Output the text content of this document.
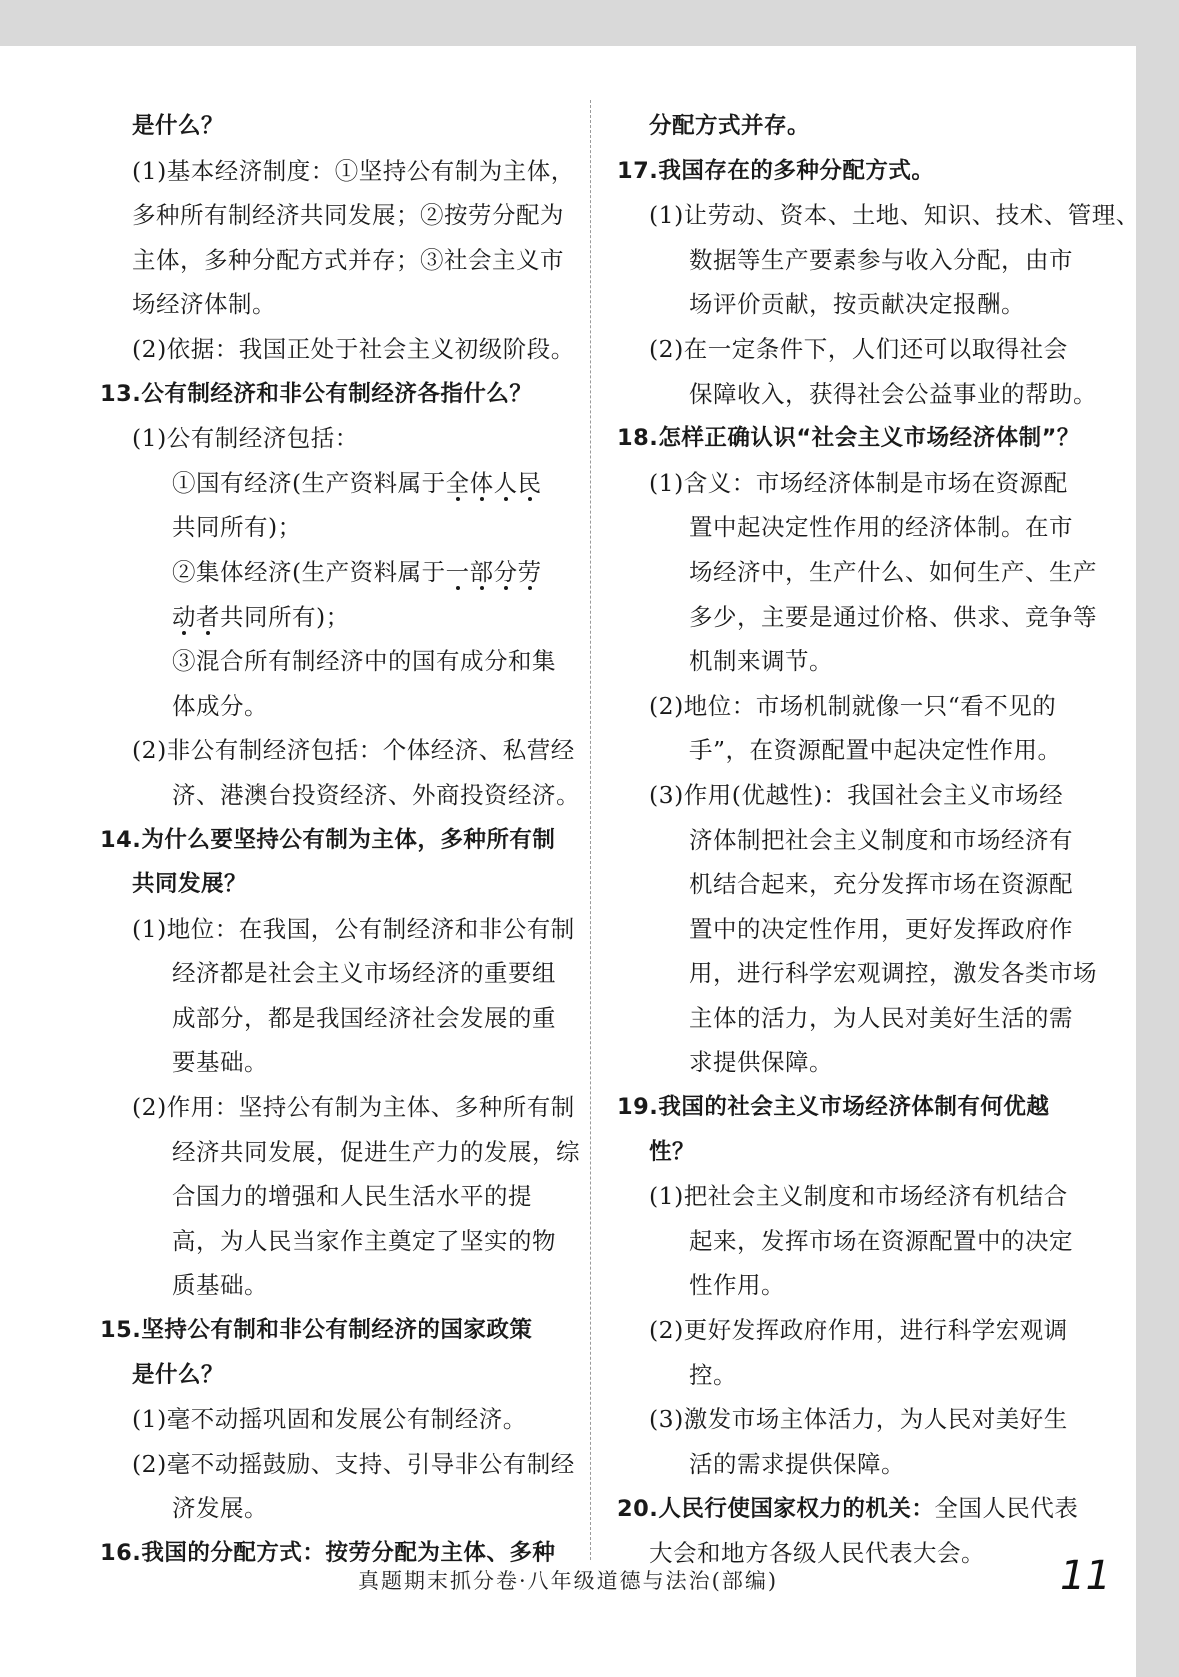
是什么？
(1)基本经济制度：①坚持公有制为主体，
多种所有制经济共同发展；②按劳分配为
主体，多种分配方式并存；③社会主义市
场经济体制。
(2)依据：我国正处于社会主义初级阶段。
13.公有制经济和非公有制经济各指什么？
(1)公有制经济包括：
①国有经济(生产资料属于全体人民
共同所有)；
②集体经济(生产资料属于一部分劳
动者共同所有)；
③混合所有制经济中的国有成分和集
体成分。
(2)非公有制经济包括：个体经济、私营经
济、港澳台投资经济、外商投资经济。
14.为什么要坚持公有制为主体，多种所有制
共同发展？
(1)地位：在我国，公有制经济和非公有制
经济都是社会主义市场经济的重要组
成部分，都是我国经济社会发展的重
要基础。
(2)作用：坚持公有制为主体、多种所有制
经济共同发展，促进生产力的发展，综
合国力的增强和人民生活水平的提
高，为人民当家作主奠定了坚实的物
质基础。
15.坚持公有制和非公有制经济的国家政策
是什么？
(1)毫不动摇巩固和发展公有制经济。
(2)毫不动摇鼓励、支持、引导非公有制经
济发展。
16.我国的分配方式：按劳分配为主体、多种
分配方式并存。
17.我国存在的多种分配方式。
(1)让劳动、资本、土地、知识、技术、管理、
数据等生产要素参与收入分配，由市
场评价贡献，按贡献决定报酬。
(2)在一定条件下，人们还可以取得社会
保障收入，获得社会公益事业的帮助。
18.怎样正确认识“社会主义市场经济体制”？
(1)含义：市场经济体制是市场在资源配
置中起决定性作用的经济体制。在市
场经济中，生产什么、如何生产、生产
多少，主要是通过价格、供求、竞争等
机制来调节。
(2)地位：市场机制就像一只“看不见的
手”，在资源配置中起决定性作用。
(3)作用(优越性)：我国社会主义市场经
济体制把社会主义制度和市场经济有
机结合起来，充分发挥市场在资源配
置中的决定性作用，更好发挥政府作
用，进行科学宏观调控，激发各类市场
主体的活力，为人民对美好生活的需
求提供保障。
19.我国的社会主义市场经济体制有何优越
性？
(1)把社会主义制度和市场经济有机结合
起来，发挥市场在资源配置中的决定
性作用。
(2)更好发挥政府作用，进行科学宏观调
控。
(3)激发市场主体活力，为人民对美好生
活的需求提供保障。
20.人民行使国家权力的机关：全国人民代表
大会和地方各级人民代表大会。
真题期末抓分卷·八年级道德与法治(部编)	11
